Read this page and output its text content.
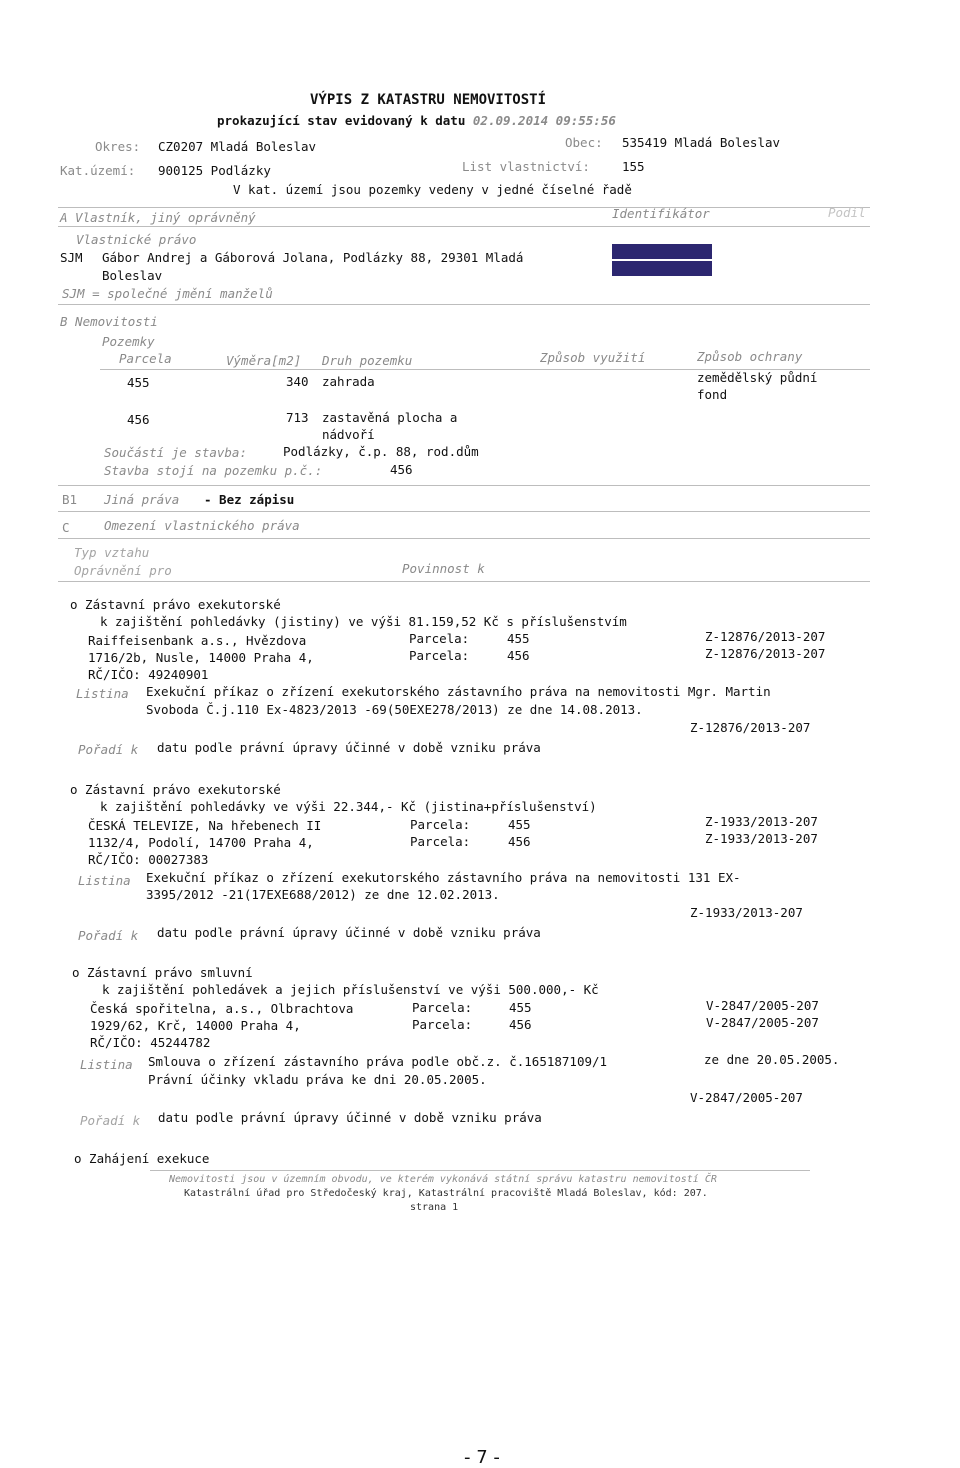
VÝPIS Z KATASTRU NEMOVITOSTÍ
prokazující stav evidovaný k datu 02.09.2014 09:55:56
Okres: CZ0207 Mladá Boleslav	Obec: 535419 Mladá Boleslav
Kat.území: 900125 Podlázky	List vlastnictví:	155
V kat. území jsou pozemky vedeny v jedné číselné řadě
A Vlastník, jiný oprávněný	Identifikátor	Podíl
Vlastnické právo
SJM Gábor Andrej a Gáborová Jolana, Podlázky 88, 29301 Mladá
Boleslav
SJM = společné jmění manželů
B Nemovitosti
Pozemky
Parcela	Výměra[m2] Druh pozemku	Způsob využití	Způsob ochrany
455	340 zahrada	zemědělský půdní
fond
456	713 zastavěná plocha a
nádvoří
Součástí je stavba:	Podlázky, č.p. 88, rod.dům
Stavba stojí na pozemku p.č.:	456
B1 Jiná práva - Bez zápisu
C	Omezení vlastnického práva
Typ vztahu
Oprávnění pro	Povinnost k
o Zástavní právo exekutorské
k zajištění pohledávky (jistiny) ve výši 81.159,52 Kč s příslušenstvím
Raiffeisenbank a.s., Hvězdova
1716/2b, Nusle, 14000 Praha 4,
RČ/IČO: 49240901
Parcela:	455	Z-12876/2013-207
Parcela:	456	Z-12876/2013-207
Listina Exekuční příkaz o zřízení exekutorského zástavního práva na nemovitosti Mgr. Martin
Svoboda Č.j.110 Ex-4823/2013 -69(50EXE278/2013) ze dne 14.08.2013.
Z-12876/2013-207
Pořadí k datu podle právní úpravy účinné v době vzniku práva
o Zástavní právo exekutorské
k zajištění pohledávky ve výši 22.344,- Kč (jistina+příslušenství)
ČESKÁ TELEVIZE, Na hřebenech II
1132/4, Podolí, 14700 Praha 4,
RČ/IČO: 00027383
Parcela:	455	Z-1933/2013-207
Parcela:	456	Z-1933/2013-207
Listina Exekuční příkaz o zřízení exekutorského zástavního práva na nemovitosti 131 EX-
3395/2012 -21(17EXE688/2012) ze dne 12.02.2013.
Z-1933/2013-207
Pořadí k datu podle právní úpravy účinné v době vzniku práva
o Zástavní právo smluvní
k zajištění pohledávek a jejich příslušenství ve výši 500.000,- Kč
Česká spořitelna, a.s., Olbrachtova
1929/62, Krč, 14000 Praha 4,
RČ/IČO: 45244782
Parcela:	455	V-2847/2005-207
Parcela:	456	V-2847/2005-207
Listina Smlouva o zřízení zástavního práva podle obč.z. č.165187109/1	ze dne 20.05.2005.
Právní účinky vkladu práva ke dni 20.05.2005.
V-2847/2005-207
Pořadí k datu podle právní úpravy účinné v době vzniku práva
o Zahájení exekuce
Nemovitosti jsou v územním obvodu, ve kterém vykonává státní správu katastru nemovitostí ČR
Katastrální úřad pro Středočeský kraj, Katastrální pracoviště Mladá Boleslav, kód: 207.
strana 1
- 7 -
